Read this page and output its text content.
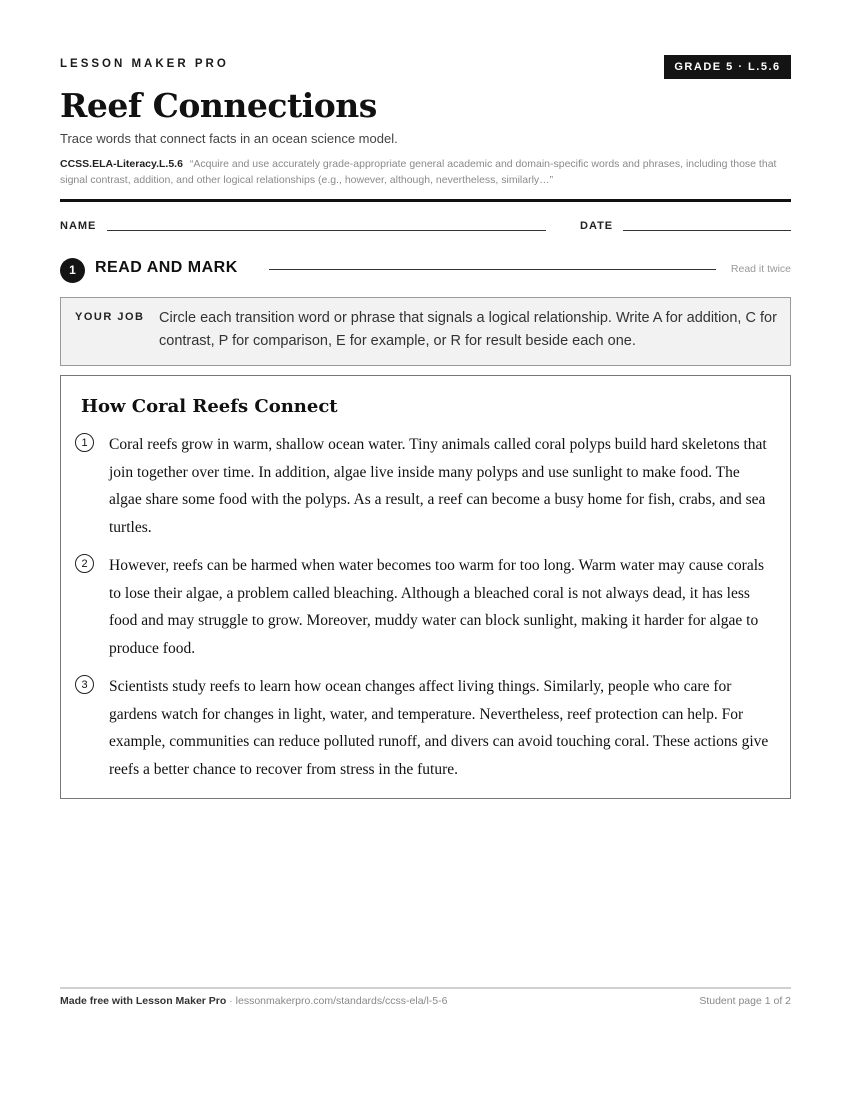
LESSON MAKER PRO	GRADE 5 · L.5.6
Reef Connections
Trace words that connect facts in an ocean science model.
CCSS.ELA-Literacy.L.5.6 “Acquire and use accurately grade-appropriate general academic and domain-specific words and phrases, including those that signal contrast, addition, and other logical relationships (e.g., however, although, nevertheless, similarly…”
NAME	DATE
1	READ AND MARK	Read it twice
YOUR JOB Circle each transition word or phrase that signals a logical relationship. Write A for addition, C for contrast, P for comparison, E for example, or R for result beside each one.
How Coral Reefs Connect
1	Coral reefs grow in warm, shallow ocean water. Tiny animals called coral polyps build hard skeletons that join together over time. In addition, algae live inside many polyps and use sunlight to make food. The algae share some food with the polyps. As a result, a reef can become a busy home for fish, crabs, and sea turtles.
2	However, reefs can be harmed when water becomes too warm for too long. Warm water may cause corals to lose their algae, a problem called bleaching. Although a bleached coral is not always dead, it has less food and may struggle to grow. Moreover, muddy water can block sunlight, making it harder for algae to produce food.
3	Scientists study reefs to learn how ocean changes affect living things. Similarly, people who care for gardens watch for changes in light, water, and temperature. Nevertheless, reef protection can help. For example, communities can reduce polluted runoff, and divers can avoid touching coral. These actions give reefs a better chance to recover from stress in the future.
Made free with Lesson Maker Pro · lessonmakerpro.com/standards/ccss-ela/l-5-6	Student page 1 of 2
